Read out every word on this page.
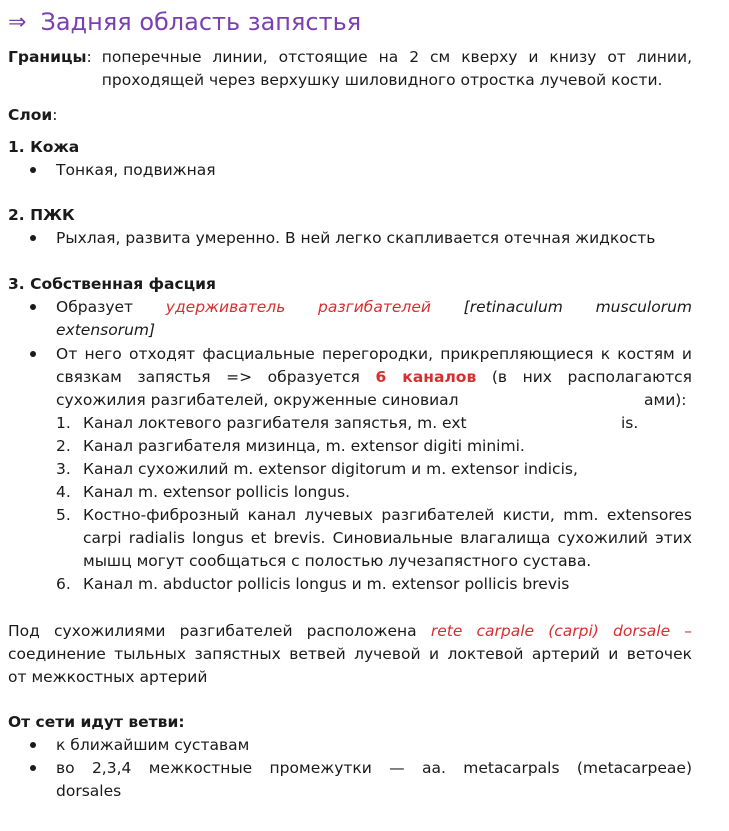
⇒ Задняя область запястья
Границы : поперечные линии, отстоящие на 2 см кверху и книзу от линии,
проходящей через верхушку шиловидного отростка лучевой кости.
Слои:
1. Кожа
Тонкая, подвижная
2. ПЖК
Рыхлая, развита умеренно. В ней легко скапливается отечная жидкость
3. Собственная фасция
Образует удерживатель разгибателей [retinaculum musculorum
extensorum]
От него отходят фасциальные перегородки, прикрепляющиеся к костям и
связкам запястья => образуется 6 каналов (в них располагаются
сухожилия разгибателей, окруженные синовиал	ами):
1. Канал локтевого разгибателя запястья, m. ext	is.
2. Канал разгибателя мизинца, m. extensor digiti minimi.
3. Канал сухожилий m. extensor digitorum и m. extensor indicis,
4. Канал m. extensor pollicis longus.
5. Костно-фиброзный канал лучевых разгибателей кисти, mm. extensores
carpi radialis longus et brevis. Синовиальные влагалища сухожилий этих
мышц могут сообщаться с полостью лучезапястного сустава.
6. Канал m. abductor pollicis longus и m. extensor pollicis brevis
Под сухожилиями разгибателей расположена rete carpale (carpi) dorsale –
соединение тыльных запястных ветвей лучевой и локтевой артерий и веточек
от межкостных артерий
От сети идут ветви:
к ближайшим суставам
во 2,3,4 межкостные промежутки — аа. metacarpals (metacarpeae)
dorsales
